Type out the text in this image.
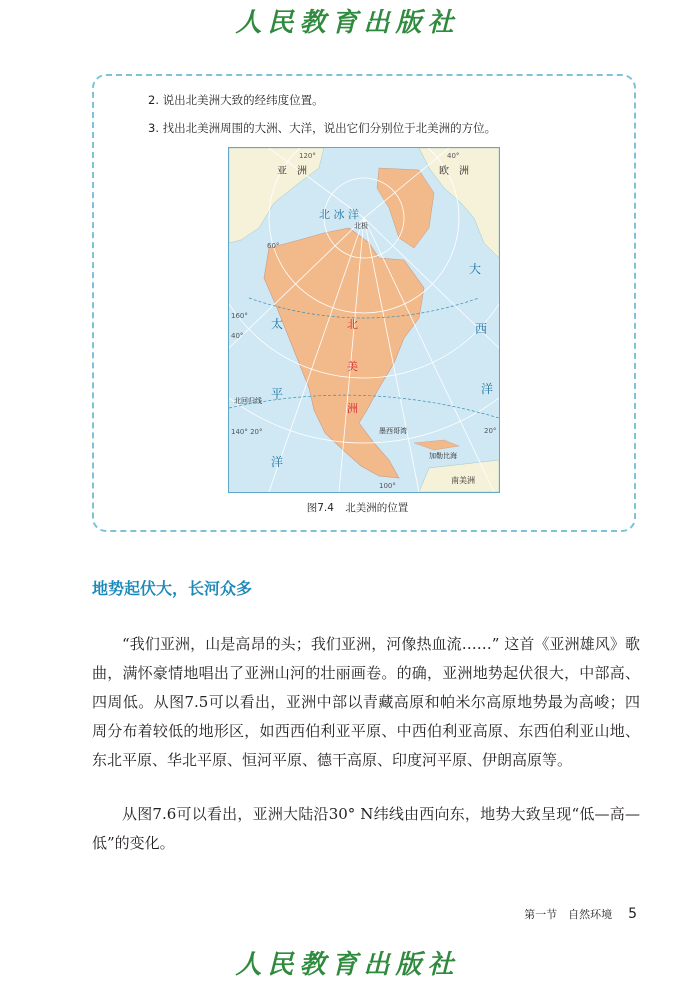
人民教育出版社
2. 说出北美洲大致的经纬度位置。
3. 找出北美洲周围的大洲、大洋，说出它们分别位于北美洲的方位。
亚　洲	欧　洲
北 冰 洋
北极
北回归线
墨西哥湾
加勒比海
南美洲
120°	40°
160°
100°
40°
140° 20°	20°
60°
太
平
洋
大
西
洋
北
美
洲
图7.4 北美洲的位置
地势起伏大，长河众多

“我们亚洲，山是高昂的头；我们亚洲，河像热血流……” 这首《亚洲雄风》歌曲，满怀豪情地唱出了亚洲山河的壮丽画卷。的确，亚洲地势起伏很大，中部高、四周低。从图7.5可以看出，亚洲中部以青藏高原和帕米尔高原地势最为高峻；四周分布着较低的地形区，如西西伯利亚平原、中西伯利亚高原、东西伯利亚山地、东北平原、华北平原、恒河平原、德干高原、印度河平原、伊朗高原等。

从图7.6可以看出，亚洲大陆沿30° N纬线由西向东，地势大致呈现“低—高—低”的变化。

第一节　自然环境 5
人民教育出版社
